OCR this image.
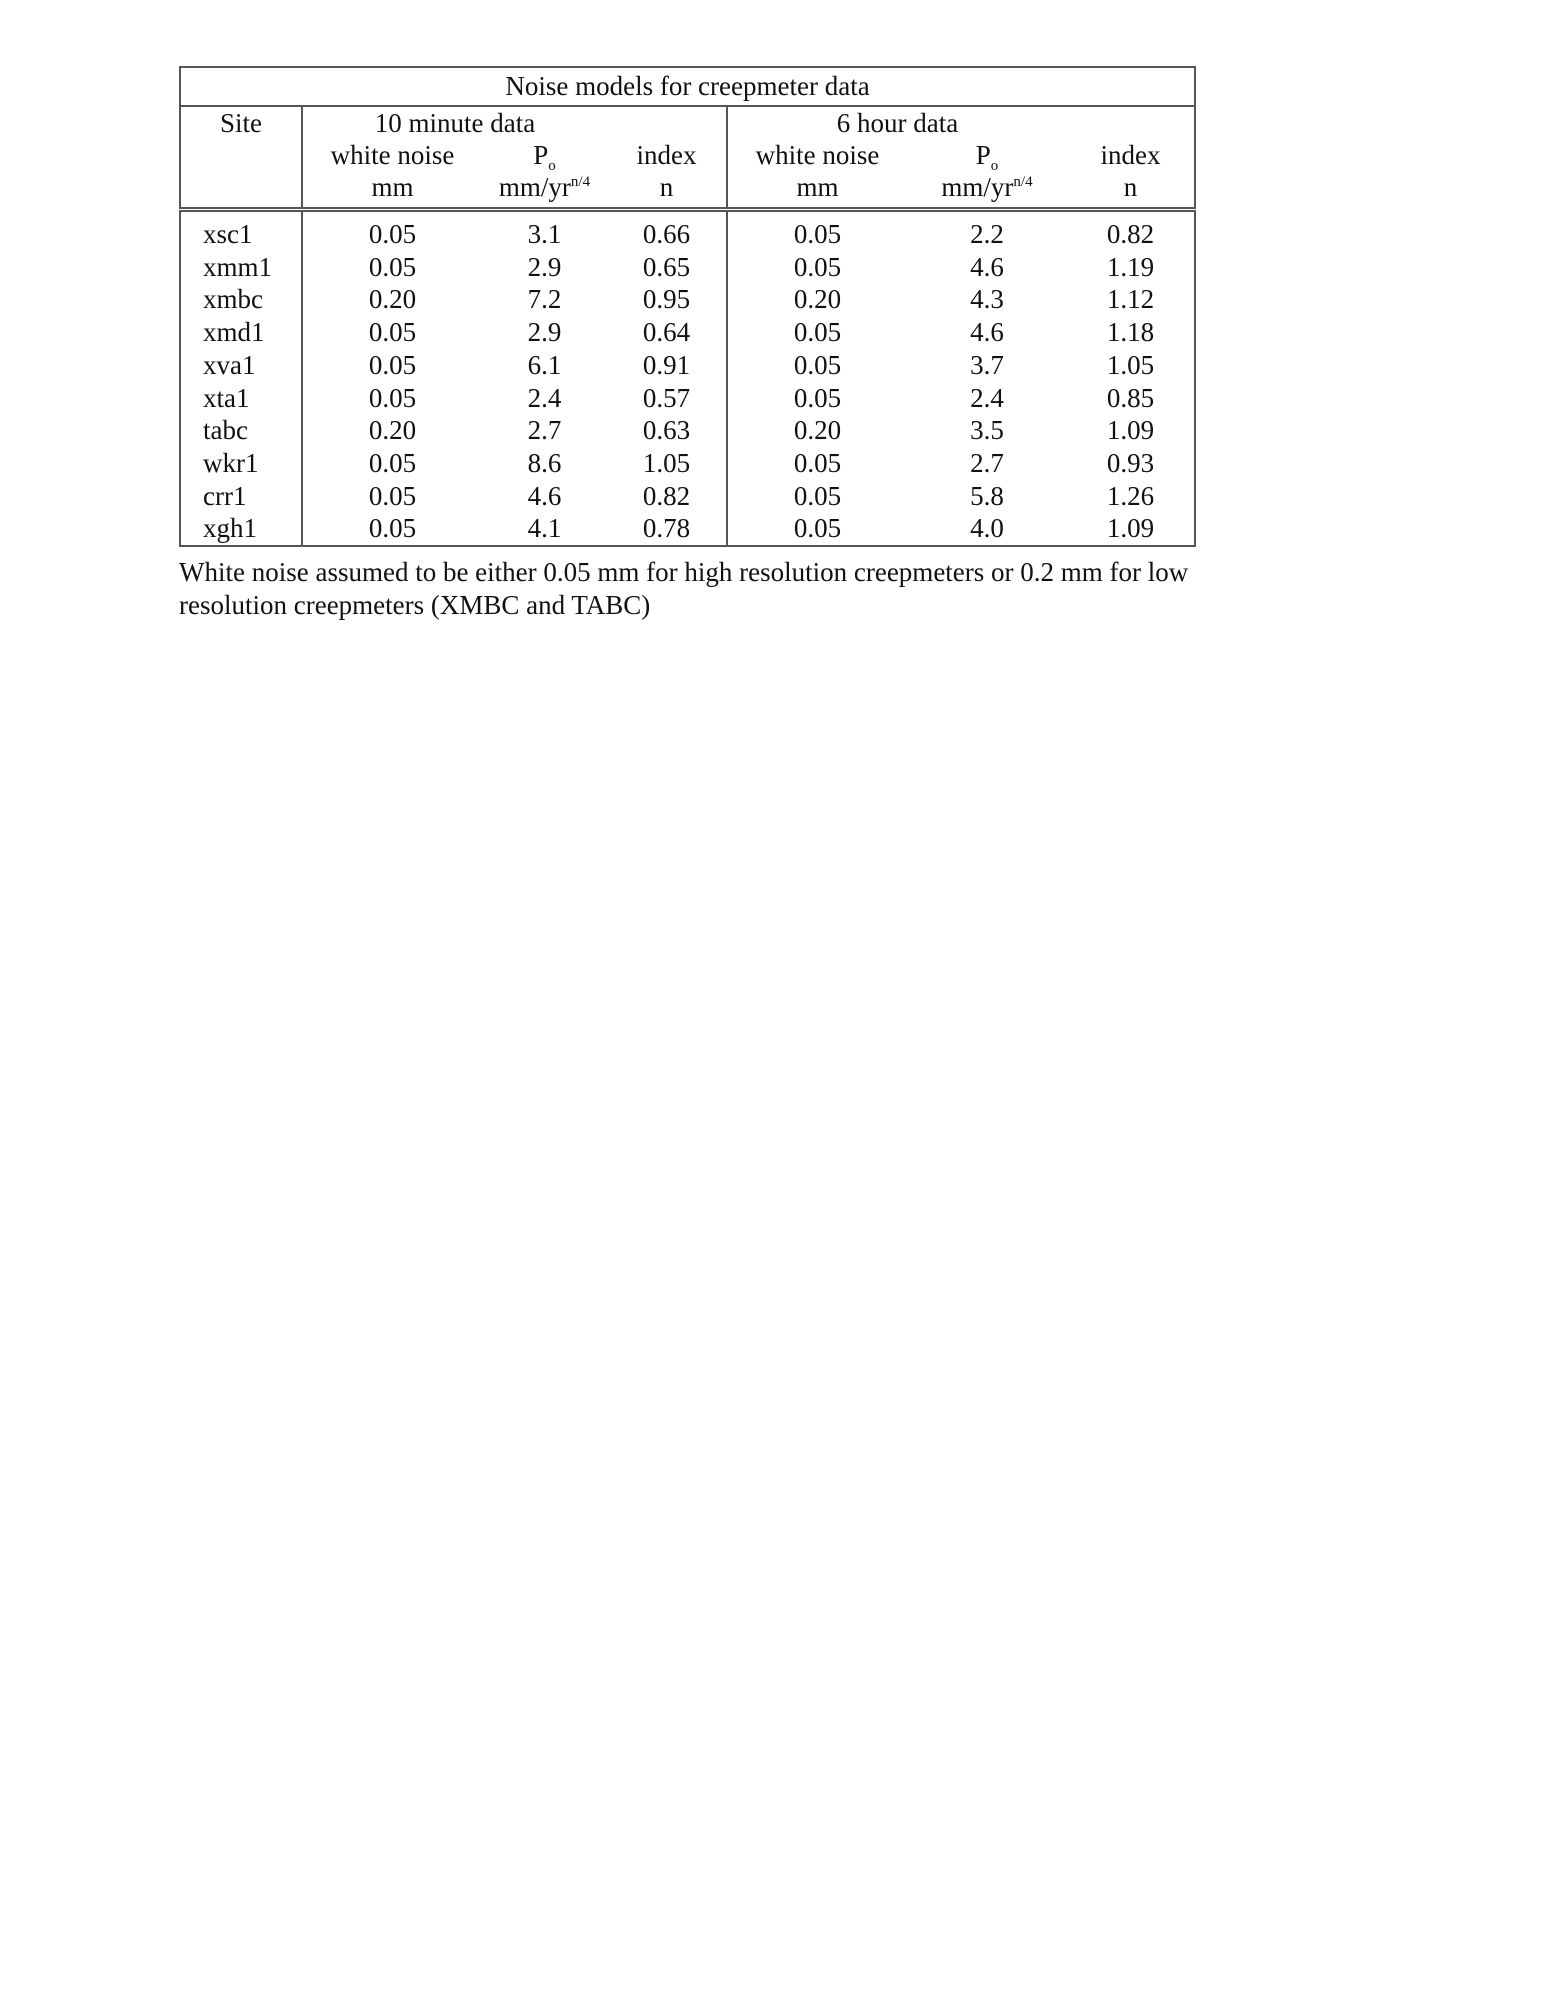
Noise models for creepmeter data						
Site	10 minute data			6 hour data		
	white noise	$P_o$	index	white noise	$P_o$	index
	mm	$mm/yr^{n/4}$	n	mm	$mm/yr^{n/4}$	n
xsc1	0.05	3.1	0.66	0.05	2.2	0.82
xmm1	0.05	2.9	0.65	0.05	4.6	1.19
xmbc	0.20	7.2	0.95	0.20	4.3	1.12
xmd1	0.05	2.9	0.64	0.05	4.6	1.18
xva1	0.05	6.1	0.91	0.05	3.7	1.05
xta1	0.05	2.4	0.57	0.05	2.4	0.85
tabc	0.20	2.7	0.63	0.20	3.5	1.09
wkr1	0.05	8.6	1.05	0.05	2.7	0.93
crr1	0.05	4.6	0.82	0.05	5.8	1.26
xgh1	0.05	4.1	0.78	0.05	4.0	1.09
White noise assumed to be either 0.05 mm for high resolution creepmeters or 0.2 mm for low resolution creepmeters (XMBC and TABC)
